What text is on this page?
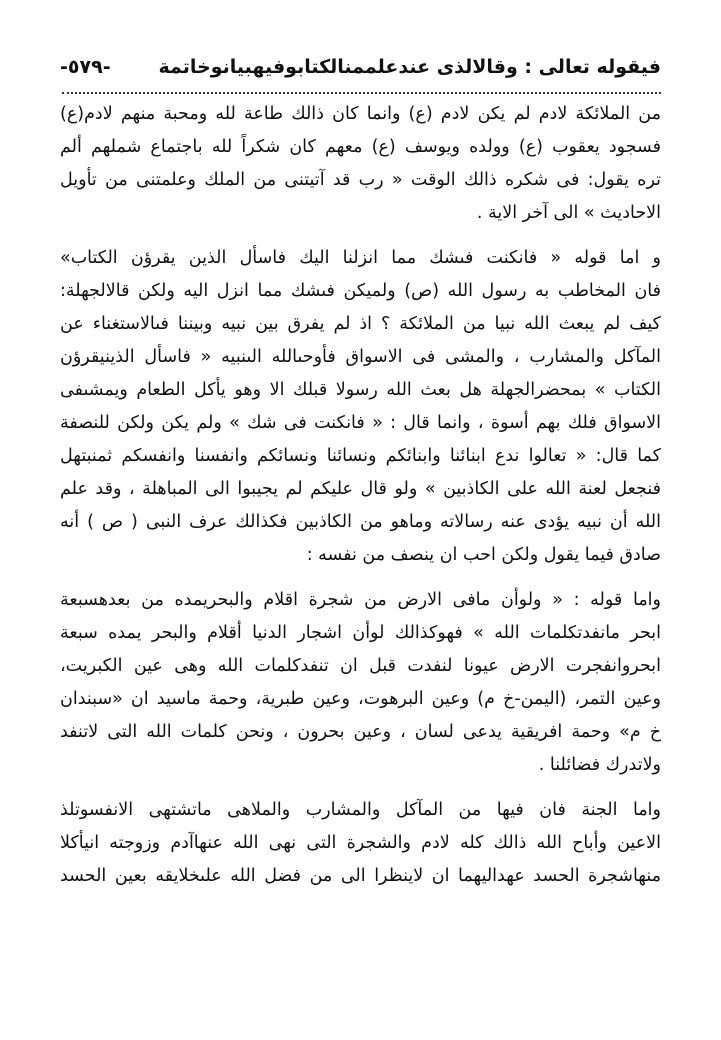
فيقوله تعالى : وقالالذى عندعلممنالكتابوفيهبيانوخاتمة
-٥٧٩-
من الملائكة لادم لم يكن لادم (ع) وانما كان ذالك طاعة لله ومحبة منهم لادم(ع)
فسجود يعقوب (ع) وولده ويوسف (ع) معهم كان شكراً لله باجتماع شملهم ألم
تره يقول: فى شكره ذالك الوقت « رب قد آتيتنى من الملك وعلمتنى من تأويل
الاحاديث » الى آخر الاية .
و اما قوله « فانكنت فىشك مما انزلنا اليك فاسأل الذين يقرؤن الكتاب»
فان المخاطب به رسول الله (ص) ولميكن فىشك مما انزل اليه ولكن قالالجهلة:
كيف لم يبعث الله نبيا من الملائكة ؟ اذ لم يفرق بين نبيه وبيننا فىالاستغناء عن
المآكل والمشارب ، والمشى فى الاسواق فأوحىالله الىنبيه « فاسأل الذينيقرؤن
الكتاب » بمحضرالجهلة هل بعث الله رسولا قبلك الا وهو يأكل الطعام ويمشىفى
الاسواق فلك بهم أسوة ، وانما قال : « فانكنت فى شك » ولم يكن ولكن للنصفة
كما قال: « تعالوا ندع ابنائنا وابنائكم ونسائنا ونسائكم وانفسنا وانفسكم ثمنبتهل
فنجعل لعنة الله على الكاذبين » ولو قال عليكم لم يجيبوا الى المباهلة ، وقد علم
الله أن نبيه يؤدى عنه رسالاته وماهو من الكاذبين فكذالك عرف النبى ( ص ) أنه
صادق فيما يقول ولكن احب ان ينصف من نفسه :
واما قوله : « ولوأن مافى الارض من شجرة اقلام والبحريمده من بعدهسبعة
ابحر مانفدتكلمات الله » فهوكذالك لوأن اشجار الدنيا أقلام والبحر يمده سبعة
ابحروانفجرت الارض عيونا لنفدت قبل ان تنفدكلمات الله وهى عين الكبريت،
وعين التمر، (اليمن-خ م) وعين البرهوت، وعين طبرية، وحمة ماسيد ان «سبندان
خ م» وحمة افريقية يدعى لسان ، وعين بحرون ، ونحن كلمات الله التى لاتنفد
ولاتدرك فضائلنا .
واما الجنة فان فيها من المآكل والمشارب والملاهى ماتشتهى الانفسوتلذ
الاعين وأباح الله ذالك كله لادم والشجرة التى نهى الله عنهاآدم وزوجته انيأكلا
منهاشجرة الحسد عهداليهما ان لاينظرا الى من فضل الله علىخلايقه بعين الحسد
